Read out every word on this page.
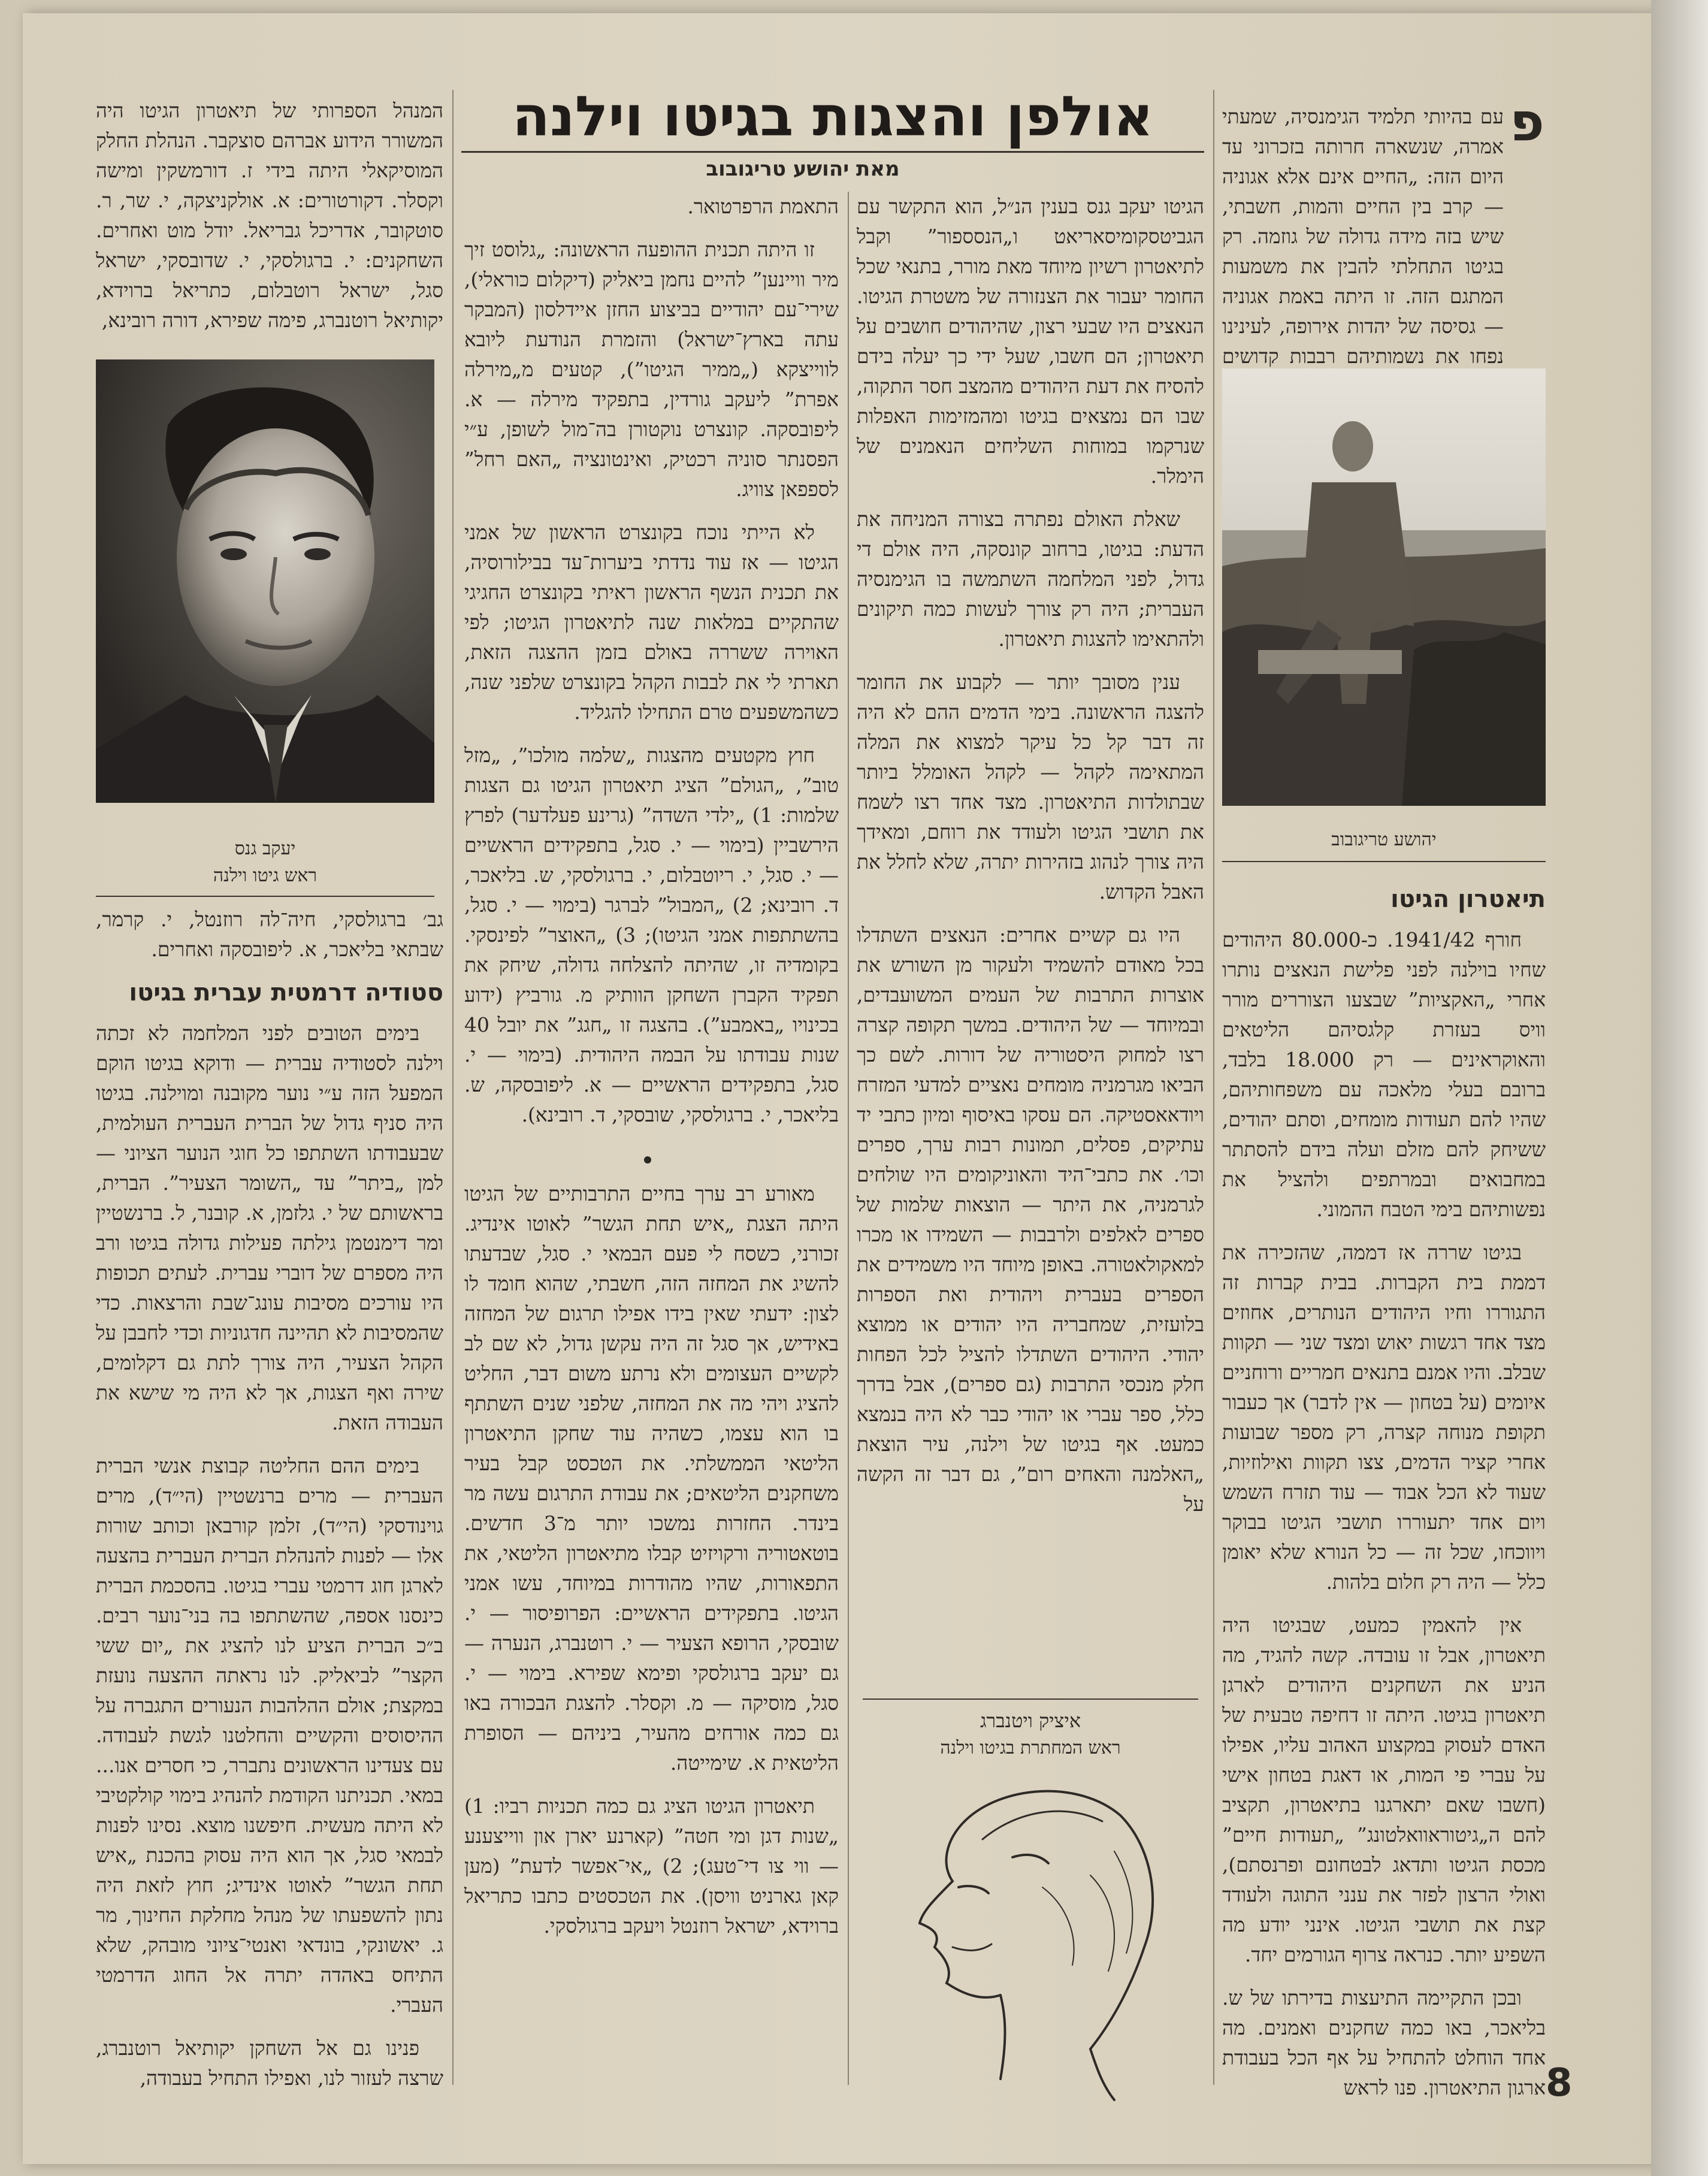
אולפן והצגות בגיטו וילנה
מאת יהושע טריגובוב
פ

עם בהיותי תלמיד הגימנסיה, שמעתי אמרה, שנשארה חרותה בזכרוני עד היום הזה: „החיים אינם אלא אגוניה — קרב בין החיים והמות, חשבתי, שיש בזה מידה גדולה של גוזמה. רק בגיטו התחלתי להבין את משמעות המתגם הזה. זו היתה באמת אגוניה — גסיסה של יהדות אירופה, לעינינו נפחו את נשמותיהם רבבות קדושים

יהושע טריגובוב
תיאטרון הגיטו

חורף 1941/42. כ-80.000 היהודים שחיו בוילנה לפני פלישת הנאצים נותרו אחרי „האקציות” שבצעו הצוררים מורר וויס בעזרת קלגסיהם הליטאים והאוקראינים — רק 18.000 בלבד, ברובם בעלי מלאכה עם משפחותיהם, שהיו להם תעודות מומחים, וסתם יהודים, ששיחק להם מזלם ועלה בידם להסתתר במחבואים ובמרתפים ולהציל את נפשותיהם בימי הטבח ההמוני.

בגיטו שררה אז דממה, שהזכירה את דממת בית הקברות. בבית קברות זה התגוררו וחיו היהודים הנותרים, אחוזים מצד אחד רגשות יאוש ומצד שני — תקוות שבלב. והיו אמנם בתנאים חמריים ורוחניים איומים (על בטחון — אין לדבר) אך כעבור תקופת מנוחה קצרה, רק מספר שבועות אחרי קציר הדמים, צצו תקוות ואילוזיות, שעוד לא הכל אבוד — עוד תזרח השמש ויום אחד יתעוררו תושבי הגיטו בבוקר ויווכחו, שכל זה — כל הנורא שלא יאומן כלל — היה רק חלום בלהות.

אין להאמין כמעט, שבגיטו היה תיאטרון, אבל זו עובדה. קשה להגיד, מה הניע את השחקנים היהודים לארגן תיאטרון בגיטו. היתה זו דחיפה טבעית של האדם לעסוק במקצוע האהוב עליו, אפילו על עברי פי המות, או דאגת בטחון אישי (חשבו שאם יתארגנו בתיאטרון, תקציב להם ה„גיטוראוואלטונג” „תעודות חיים” מכסת הגיטו ותדאג לבטחונם ופרנסתם), ואולי הרצון לפזר את ענני התוגה ולעודד קצת את תושבי הגיטו. אינני יודע מה השפיע יותר. כנראה צרוף הגורמים יחד.

ובכן התקיימה התיעצות בדירתו של ש. בליאכר, באו כמה שחקנים ואמנים. מה אחד הוחלט להתחיל על אף הכל בעבודת ארגון התיאטרון. פנו לראש

הגיטו יעקב גנס בענין הנ״ל, הוא התקשר עם הגביטסקומיסאריאט ו„הנסספור” וקבל לתיאטרון רשיון מיוחד מאת מורר, בתנאי שכל החומר יעבור את הצנזורה של משטרת הגיטו. הנאצים היו שבעי רצון, שהיהודים חושבים על תיאטרון; הם חשבו, שעל ידי כך יעלה בידם להסיח את דעת היהודים מהמצב חסר התקוה, שבו הם נמצאים בגיטו ומהמזימות האפלות שנרקמו במוחות השליחים הנאמנים של הימלר.

שאלת האולם נפתרה בצורה המניחה את הדעת: בגיטו, ברחוב קונסקה, היה אולם די גדול, לפני המלחמה השתמשה בו הגימנסיה העברית; היה רק צורך לעשות כמה תיקונים ולהתאימו להצגות תיאטרון.

ענין מסובך יותר — לקבוע את החומר להצגה הראשונה. בימי הדמים ההם לא היה זה דבר קל כל עיקר למצוא את המלה המתאימה לקהל — לקהל האומלל ביותר שבתולדות התיאטרון. מצד אחד רצו לשמח את תושבי הגיטו ולעודד את רוחם, ומאידך היה צורך לנהוג בזהירות יתרה, שלא לחלל את האבל הקדוש.

היו גם קשיים אחרים: הנאצים השתדלו בכל מאודם להשמיד ולעקור מן השורש את אוצרות התרבות של העמים המשועבדים, ובמיוחד — של היהודים. במשך תקופה קצרה רצו למחוק היסטוריה של דורות. לשם כך הביאו מגרמניה מומחים נאציים למדעי המזרח ויודאאסטיקה. הם עסקו באיסוף ומיון כתבי יד עתיקים, פסלים, תמונות רבות ערך, ספרים וכו׳. את כתבי־היד והאוניקומים היו שולחים לגרמניה, את היתר — הוצאות שלמות של ספרים לאלפים ולרבבות — השמידו או מכרו למאקולאטורה. באופן מיוחד היו משמידים את הספרים בעברית ויהודית ואת הספרות בלועזית, שמחבריה היו יהודים או ממוצא יהודי. היהודים השתדלו להציל לכל הפחות חלק מנכסי התרבות (גם ספרים), אבל בדרך כלל, ספר עברי או יהודי כבר לא היה בנמצא כמעט. אף בגיטו של וילנה, עיר הוצאת „האלמנה והאחים רום”, גם דבר זה הקשה על

איציק ויטנברג
ראש המחתרת בגיטו וילנה

התאמת הרפרטואר.

זו היתה תכנית ההופעה הראשונה: „גלוסט זיך מיר וויינען” להיים נחמן ביאליק (דיקלום כוראלי), שירי־עם יהודיים בביצוע החזן איידלסון (המבקר עתה בארץ־ישראל) והזמרת הנודעת ליובא לווייצקא („ממיר הגיטו”), קטעים מ„מירלה אפרת” ליעקב גורדין, בתפקיד מירלה — א. ליפובסקה. קונצרט נוקטורן בה־מול לשופן, ע״י הפסנתר סוניה רכטיק, ואינטונציה „האם רחל” לספפאן צוויג.

לא הייתי נוכח בקונצרט הראשון של אמני הגיטו — אז עוד נדדתי ביערות־עד בבילורוסיה, את תכנית הנשף הראשון ראיתי בקונצרט החגיגי שהתקיים במלאות שנה לתיאטרון הגיטו; לפי האוירה ששררה באולם בזמן ההצגה הזאת, תארתי לי את לבבות הקהל בקונצרט שלפני שנה, כשהמשפעים טרם התחילו להגליד.

חוץ מקטעים מהצגות „שלמה מולכו”, „מזל טוב”, „הגולם” הציג תיאטרון הגיטו גם הצגות שלמות: 1) „ילדי השדה” (גרינע פעלדער) לפרץ הירשביין (בימוי — י. סגל, בתפקידים הראשיים — י. סגל, י. ריוטבלום, י. ברגולסקי, ש. בליאכר, ד. רובינא; 2) „המבול” לברגר (בימוי — י. סגל, בהשתתפות אמני הגיטו); 3) „האוצר” לפינסקי. בקומדיה זו, שהיתה להצלחה גדולה, שיחק את תפקיד הקברן השחקן הוותיק מ. גורביץ (ידוע בכינויו „באמבע”). בהצגה זו „חגג” את יובל 40 שנות עבודתו על הבמה היהודית. (בימוי — י. סגל, בתפקידים הראשיים — א. ליפובסקה, ש. בליאכר, י. ברגולסקי, שובסקי, ד. רובינא).

מאורע רב ערך בחיים התרבותיים של הגיטו היתה הצגת „איש תחת הגשר” לאוטו אינדיג. זכורני, כשסח לי פעם הבמאי י. סגל, שבדעתו להשיג את המחזה הזה, חשבתי, שהוא חומד לו לצון: ידעתי שאין בידו אפילו תרגום של המחזה באידיש, אך סגל זה היה עקשן גדול, לא שם לב לקשיים העצומים ולא נרתע משום דבר, החליט להציג ויהי מה את המחזה, שלפני שנים השתתף בו הוא עצמו, כשהיה עוד שחקן התיאטרון הליטאי הממשלתי. את הטכסט קבל בעיר משחקנים הליטאים; את עבודת התרגום עשה מר בינדר. החזרות נמשכו יותר מ־3 חדשים. בוטאטוריה ורקויזיט קבלו מתיאטרון הליטאי, את התפאורות, שהיו מהודרות במיוחד, עשו אמני הגיטו. בתפקידים הראשיים: הפרופיסור — י. שובסקי, הרופא הצעיר — י. רוטנברג, הנערה — גם יעקב ברגולסקי ופימא שפירא. בימוי — י. סגל, מוסיקה — מ. וקסלר. להצגת הבכורה באו גם כמה אורחים מהעיר, ביניהם — הסופרת הליטאית א. שימייטה.

תיאטרון הגיטו הציג גם כמה תכניות רביו: 1) „שנות דגן ומי חטה” (קארנע יארן און ווייצענע — ווי צו די־טעג); 2) „אי־אפשר לדעת” (מען קאן גארניט וויסן). את הטכסטים כתבו כתריאל ברוידא, ישראל רוזנטל ויעקב ברגולסקי.

המנהל הספרותי של תיאטרון הגיטו היה המשורר הידוע אברהם סוצקבר. הנהלת החלק המוסיקאלי היתה בידי ז. דורמשקין ומישה וקסלר. דקורטורים: א. אולקניצקה, י. שר, ר. סוטקובר, אדריכל גבריאל. יודל מוט ואחרים. השחקנים: י. ברגולסקי, י. שדובסקי, ישראל סגל, ישראל רוטבלום, כתריאל ברוידא, יקותיאל רוטנברג, פימה שפירא, דורה רובינא,

יעקב גנס
ראש גיטו וילנה

גב׳ ברגולסקי, חיה־לה רוזנטל, י. קרמר, שבתאי בליאכר, א. ליפובסקה ואחרים.

סטודיה דרמטית עברית בגיטו

בימים הטובים לפני המלחמה לא זכתה וילנה לסטודיה עברית — ודוקא בגיטו הוקם המפעל הזה ע״י נוער מקובנה ומוילנה. בגיטו היה סניף גדול של הברית העברית העולמית, שבעבודתו השתתפו כל חוגי הנוער הציוני — למן „ביתר” עד „השומר הצעיר”. הברית, בראשותם של י. גלזמן, א. קובנר, ל. ברנשטיין ומר דימנטמן גילתה פעילות גדולה בגיטו ורב היה מספרם של דוברי עברית. לעתים תכופות היו עורכים מסיבות עונג־שבת והרצאות. כדי שהמסיבות לא תהיינה חדגוניות וכדי לחבבן על הקהל הצעיר, היה צורך לתת גם דקלומים, שירה ואף הצגות, אך לא היה מי שישא את העבודה הזאת.

בימים ההם החליטה קבוצת אנשי הברית העברית — מרים ברנשטיין (הי״ד), מרים גוינודסקי (הי״ד), זלמן קורבאן וכותב שורות אלו — לפנות להנהלת הברית העברית בהצעה לארגן חוג דרמטי עברי בגיטו. בהסכמת הברית כינסנו אספה, שהשתתפו בה בני־נוער רבים. ב״כ הברית הציע לנו להציג את „יום ששי הקצר” לביאליק. לנו נראתה ההצעה נועזת במקצת; אולם ההלהבות הנעורים התגברה על ההיסוסים והקשיים והחלטנו לגשת לעבודה. עם צעדינו הראשונים נתברר, כי חסרים אנו... במאי. תכניתנו הקודמת להנהיג בימוי קולקטיבי לא היתה מעשית. חיפשנו מוצא. נסינו לפנות לבמאי סגל, אך הוא היה עסוק בהכנת „איש תחת הגשר” לאוטו אינדיג; חוץ לזאת היה נתון להשפעתו של מנהל מחלקת החינוך, מר ג. יאשונקי, בונדאי ואנטי־ציוני מובהק, שלא התיחס באהדה יתרה אל החוג הדרמטי העברי.

פנינו גם אל השחקן יקותיאל רוטנברג, שרצה לעזור לנו, ואפילו התחיל בעבודה,	8
